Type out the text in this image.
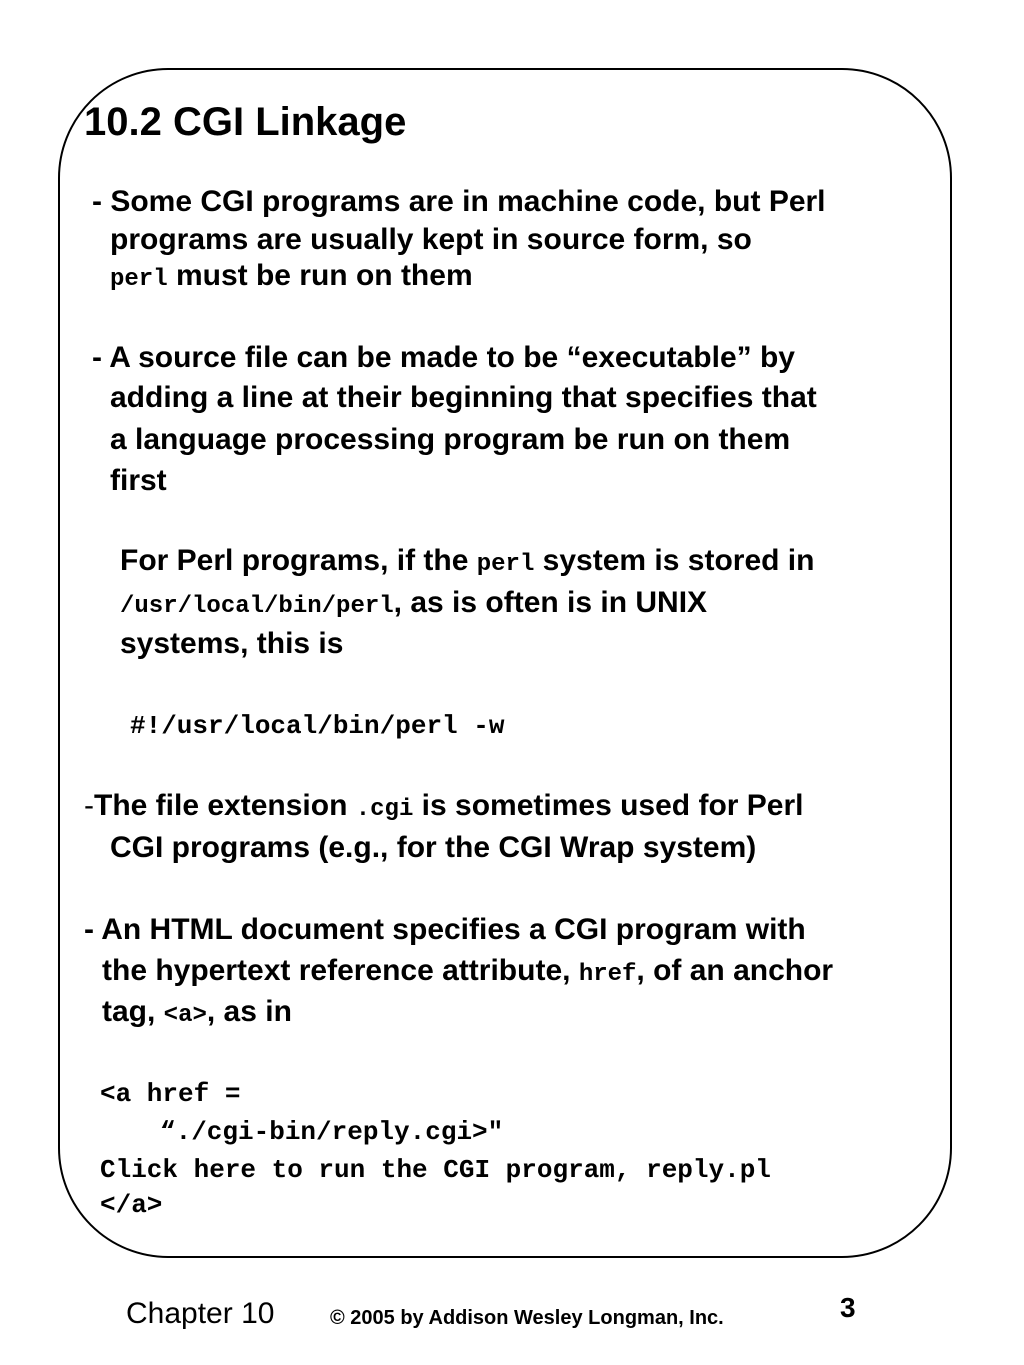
10.2 CGI Linkage
- Some CGI programs are in machine code, but Perl
programs are usually kept in source form, so
perl must be run on them
- A source file can be made to be “executable” by
adding a line at their beginning that specifies that
a language processing program be run on them
first
For Perl programs, if the perl system is stored in
/usr/local/bin/perl, as is often is in UNIX
systems, this is
#!/usr/local/bin/perl -w
-The file extension .cgi is sometimes used for Perl
CGI programs (e.g., for the CGI Wrap system)
- An HTML document specifies a CGI program with
the hypertext reference attribute, href, of an anchor
tag, <a>, as in
<a href =
“./cgi-bin/reply.cgi>"
Click here to run the CGI program, reply.pl
</a>
Chapter 10	© 2005 by Addison Wesley Longman, Inc.	3
